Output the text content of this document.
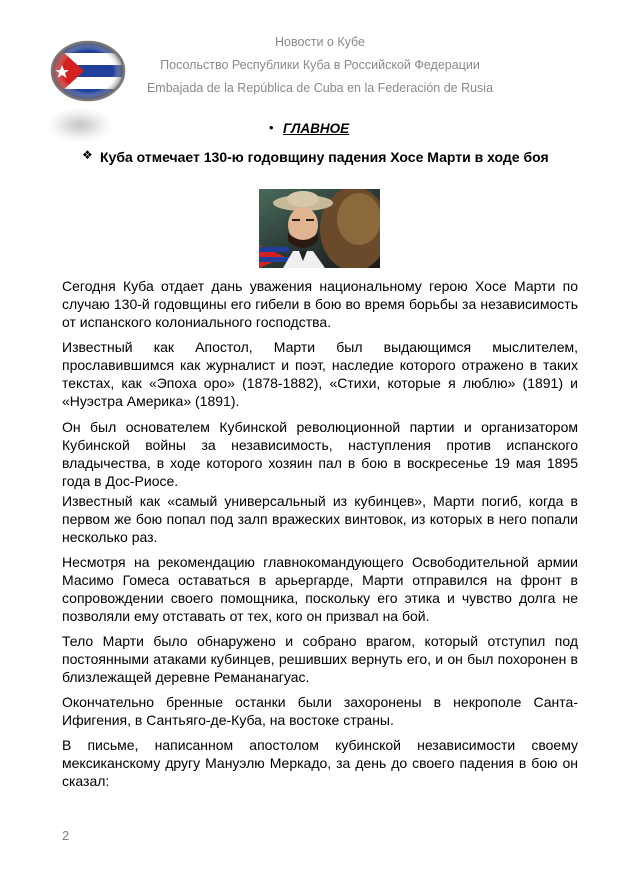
Новости о Кубе
Посольство Республики Куба в Российской Федерации
Embajada de la República de Cuba en la Federación de Rusia
• ГЛАВНОЕ
❖ Куба отмечает 130-ю годовщину падения Хосе Марти в ходе боя

Сегодня Куба отдает дань уважения национальному герою Хосе Марти по случаю 130-й годовщины его гибели в бою во время борьбы за независимость от испанского колониального господства.

Известный как Апостол, Марти был выдающимся мыслителем, прославившимся как журналист и поэт, наследие которого отражено в таких текстах, как «Эпоха оро» (1878-1882), «Стихи, которые я люблю» (1891) и «Нуэстра Америка» (1891).

Он был основателем Кубинской революционной партии и организатором Кубинской войны за независимость, наступления против испанского владычества, в ходе которого хозяин пал в бою в воскресенье 19 мая 1895 года в Дос-Риосе.

Известный как «самый универсальный из кубинцев», Марти погиб, когда в первом же бою попал под залп вражеских винтовок, из которых в него попали несколько раз.

Несмотря на рекомендацию главнокомандующего Освободительной армии Масимо Гомеса оставаться в арьергарде, Марти отправился на фронт в сопровождении своего помощника, поскольку его этика и чувство долга не позволяли ему отставать от тех, кого он призвал на бой.

Тело Марти было обнаружено и собрано врагом, который отступил под постоянными атаками кубинцев, решивших вернуть его, и он был похоронен в близлежащей деревне Ремананагуас.

Окончательно бренные останки были захоронены в некрополе Санта-Ифигения, в Сантьяго-де-Куба, на востоке страны.

В письме, написанном апостолом кубинской независимости своему мексиканскому другу Мануэлю Меркадо, за день до своего падения в бою он сказал:

2
